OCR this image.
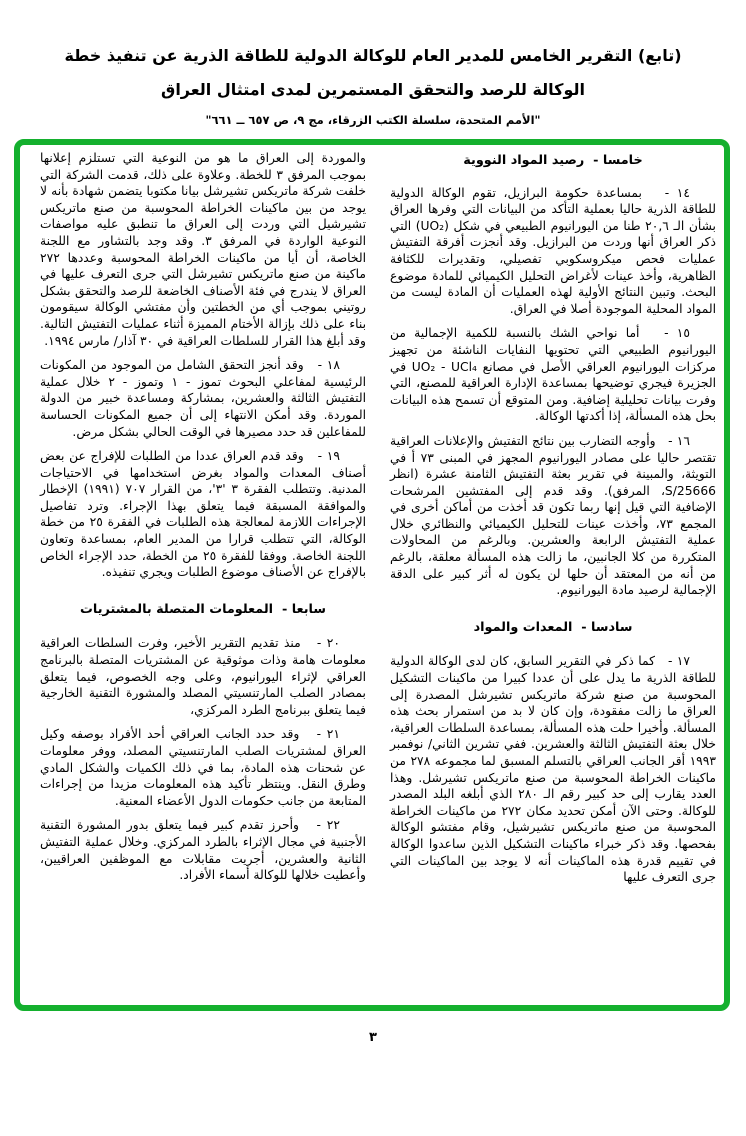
(تابع) التقرير الخامس للمدير العام للوكالة الدولية للطاقة الذرية عن تنفيذ خطة
الوكالة للرصد والتحقق المستمرين لمدى امتثال العراق
"الأمم المتحدة، سلسلة الكتب الزرقاء، مج ٩، ص ٦٥٧ ــ ٦٦١"
خامسا -  رصيد المواد النووية

١٤ -   بمساعدة حكومة البرازيل، تقوم الوكالة الدولية للطاقة الذرية حاليا بعملية التأكد من البيانات التي وفرها العراق بشأن الـ ٢٠,٦ طنا من اليورانيوم الطبيعي في شكل (UO₂) التي ذكر العراق أنها وردت من البرازيل. وقد أنجزت أفرقة التفتيش عمليات فحص ميكروسكوبي تفصيلي، وتقديرات للكثافة الظاهرية، وأخذ عينات لأغراض التحليل الكيميائي للمادة موضوع البحث. وتبين النتائج الأولية لهذه العمليات أن المادة ليست من المواد المحلية الموجودة أصلا في العراق.

١٥ -   أما نواحي الشك بالنسبة للكمية الإجمالية من اليورانيوم الطبيعي التي تحتويها النفايات الناشئة من تجهيز مركزات اليورانيوم العراقي الأصل في مصانع UO₂ - UCl₄ في الجزيرة فيجري توضيحها بمساعدة الإدارة العراقية للمصنع، التي وفرت بيانات تحليلية إضافية. ومن المتوقع أن تسمح هذه البيانات بحل هذه المسألة، إذا أكدتها الوكالة.

١٦ -   وأوجه التضارب بين نتائج التفتيش والإعلانات العراقية تقتصر حاليا على مصادر اليورانيوم المجهز في المبنى ٧٣ أ في التويثة، والمبينة في تقرير بعثة التفتيش الثامنة عشرة (انظر S/25666، المرفق). وقد قدم إلى المفتشين المرشحات الإضافية التي قيل إنها ربما تكون قد أخذت من أماكن أخرى في المجمع ٧٣، وأخذت عينات للتحليل الكيميائي والنظائري خلال عملية التفتيش الرابعة والعشرين. وبالرغم من المحاولات المتكررة من كلا الجانبين، ما زالت هذه المسألة معلقة، بالرغم من أنه من المعتقد أن حلها لن يكون له أثر كبير على الدقة الإجمالية لرصيد مادة اليورانيوم.

سادسا -  المعدات والمواد

١٧ -   كما ذكر في التقرير السابق، كان لدى الوكالة الدولية للطاقة الذرية ما يدل على أن عددا كبيرا من ماكينات التشكيل المحوسبة من صنع شركة ماتريكس تشيرشل المصدرة إلى العراق ما زالت مفقودة، وإن كان لا بد من استمرار بحث هذه المسألة. وأخيرا حلت هذه المسألة، بمساعدة السلطات العراقية، خلال بعثة التفتيش الثالثة والعشرين. ففي تشرين الثاني/ نوفمبر ١٩٩٣ أقر الجانب العراقي بالتسلم المسبق لما مجموعه ٢٧٨ من ماكينات الخراطة المحوسبة من صنع ماتريكس تشيرشل. وهذا العدد يقارب إلى حد كبير رقم الـ ٢٨٠ الذي أبلغه البلد المصدر للوكالة. وحتى الآن أمكن تحديد مكان ٢٧٢ من ماكينات الخراطة المحوسبة من صنع ماتريكس تشيرشيل، وقام مفتشو الوكالة بفحصها. وقد ذكر خبراء ماكينات التشكيل الذين ساعدوا الوكالة في تقييم قدرة هذه الماكينات أنه لا يوجد بين الماكينات التي جرى التعرف عليها

والموردة إلى العراق ما هو من النوعية التي تستلزم إعلانها بموجب المرفق ٣ للخطة. وعلاوة على ذلك، قدمت الشركة التي خلفت شركة ماتريكس تشيرشل بيانا مكتوبا يتضمن شهادة بأنه لا يوجد من بين ماكينات الخراطة المحوسبة من صنع ماتريكس تشيرشيل التي وردت إلى العراق ما تنطبق عليه مواصفات النوعية الواردة في المرفق ٣. وقد وجد بالتشاور مع اللجنة الخاصة، أن أيا من ماكينات الخراطة المحوسبة وعددها ٢٧٢ ماكينة من صنع ماتريكس تشيرشل التي جرى التعرف عليها في العراق لا يندرج في فئة الأصناف الخاضعة للرصد والتحقق بشكل روتيني بموجب أي من الخطتين وأن مفتشي الوكالة سيقومون بناء على ذلك بإزالة الأختام المميزة أثناء عمليات التفتيش التالية. وقد أبلغ هذا القرار للسلطات العراقية في ٣٠ آذار/ مارس ١٩٩٤.

١٨ -   وقد أنجز التحقق الشامل من الموجود من المكونات الرئيسية لمفاعلي البحوث تموز - ١ وتموز - ٢ خلال عملية التفتيش الثالثة والعشرين، بمشاركة ومساعدة خبير من الدولة الموردة. وقد أمكن الانتهاء إلى أن جميع المكونات الحساسة للمفاعلين قد حدد مصيرها في الوقت الحالي بشكل مرض.

١٩ -   وقد قدم العراق عددا من الطلبات للإفراج عن بعض أصناف المعدات والمواد بغرض استخدامها في الاحتياجات المدنية. وتتطلب الفقرة ٣ '٣'، من القرار ٧٠٧ (١٩٩١) الإخطار والموافقة المسبقة فيما يتعلق بهذا الإجراء. وترد تفاصيل الإجراءات اللازمة لمعالجة هذه الطلبات في الفقرة ٢٥ من خطة الوكالة، التي تتطلب قرارا من المدير العام، بمساعدة وتعاون اللجنة الخاصة. ووفقا للفقرة ٢٥ من الخطة، حدد الإجراء الخاص بالإفراج عن الأصناف موضوع الطلبات ويجري تنفيذه.

سابعا -  المعلومات المتصلة بالمشتريات

٢٠ -   منذ تقديم التقرير الأخير، وفرت السلطات العراقية معلومات هامة وذات موثوقية عن المشتريات المتصلة بالبرنامج العراقي لإثراء اليورانيوم، وعلى وجه الخصوص، فيما يتعلق بمصادر الصلب المارتنسيتي المصلد والمشورة التقنية الخارجية فيما يتعلق ببرنامج الطرد المركزي،

٢١ -   وقد حدد الجانب العراقي أحد الأفراد بوصفه وكيل العراق لمشتريات الصلب المارتنسيتي المصلد، ووفر معلومات عن شحنات هذه المادة، بما في ذلك الكميات والشكل المادي وطرق النقل. وينتظر تأكيد هذه المعلومات مزيدا من إجراءات المتابعة من جانب حكومات الدول الأعضاء المعنية.

٢٢ -   وأحرز تقدم كبير فيما يتعلق بدور المشورة التقنية الأجنبية في مجال الإثراء بالطرد المركزي. وخلال عملية التفتيش الثانية والعشرين، أجريت مقابلات مع الموظفين العراقيين، وأعطيت خلالها للوكالة أسماء الأفراد.

٣
